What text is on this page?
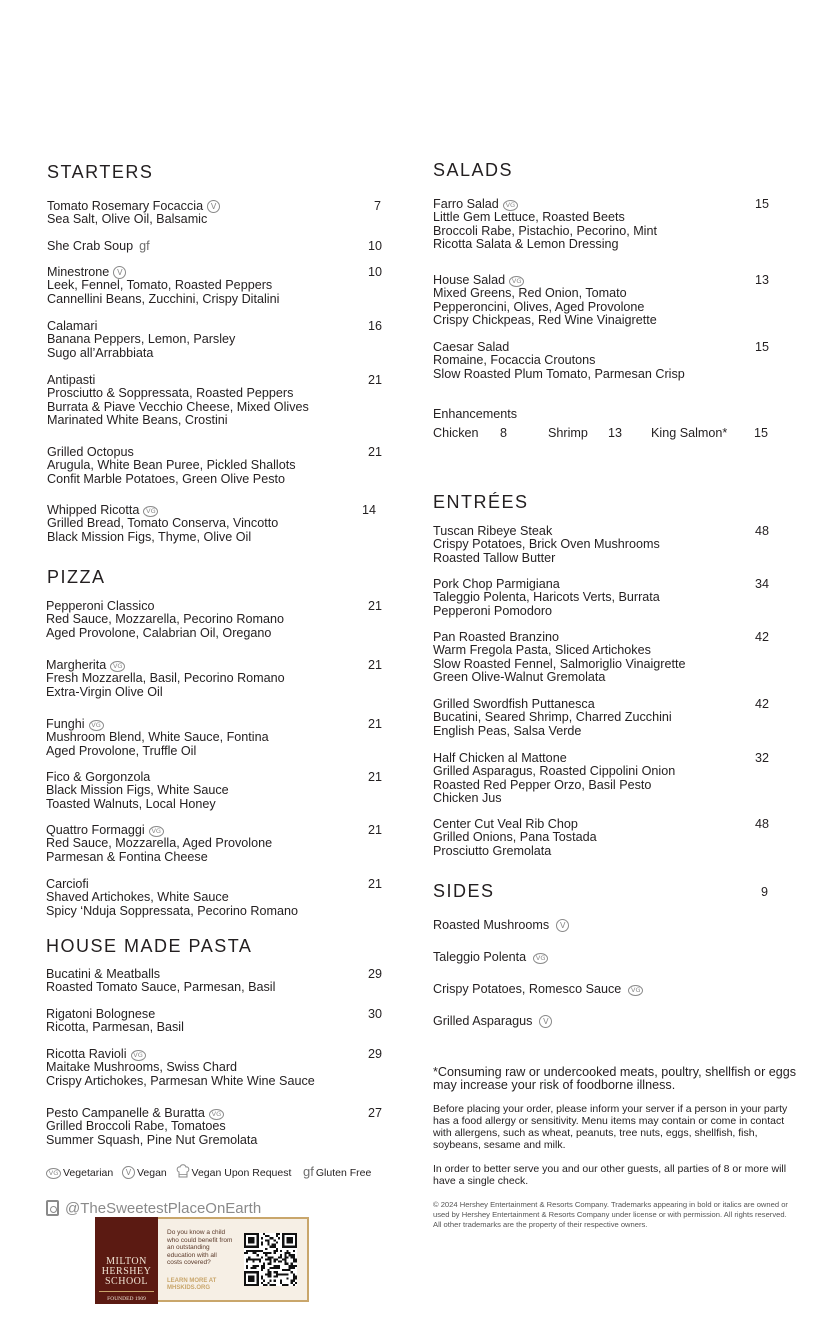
STARTERS
Tomato Rosemary Focaccia V
Sea Salt, Olive Oil, Balsamic
7
She Crab Soup gf	10
Minestrone V
Leek, Fennel, Tomato, Roasted Peppers
Cannellini Beans, Zucchini, Crispy Ditalini
10
Calamari
Banana Peppers, Lemon, Parsley
Sugo all’Arrabbiata
16
Antipasti
Prosciutto & Soppressata, Roasted Peppers
Burrata & Piave Vecchio Cheese, Mixed Olives
Marinated White Beans, Crostini
21
Grilled Octopus
Arugula, White Bean Puree, Pickled Shallots
Confit Marble Potatoes, Green Olive Pesto
21
Whipped Ricotta VG
Grilled Bread, Tomato Conserva, Vincotto
Black Mission Figs, Thyme, Olive Oil
14
PIZZA
Pepperoni Classico
Red Sauce, Mozzarella, Pecorino Romano
Aged Provolone, Calabrian Oil, Oregano
21
Margherita VG
Fresh Mozzarella, Basil, Pecorino Romano
Extra-Virgin Olive Oil
21
Funghi VG
Mushroom Blend, White Sauce, Fontina
Aged Provolone, Truffle Oil
21
Fico & Gorgonzola
Black Mission Figs, White Sauce
Toasted Walnuts, Local Honey
21
Quattro Formaggi VG
Red Sauce, Mozzarella, Aged Provolone
Parmesan & Fontina Cheese
21
Carciofi
Shaved Artichokes, White Sauce
Spicy ‘Nduja Soppressata, Pecorino Romano
21
HOUSE MADE PASTA
Bucatini & Meatballs
Roasted Tomato Sauce, Parmesan, Basil
29
Rigatoni Bolognese
Ricotta, Parmesan, Basil
30
Ricotta Ravioli VG
Maitake Mushrooms, Swiss Chard
Crispy Artichokes, Parmesan White Wine Sauce
29
Pesto Campanelle & Buratta VG
Grilled Broccoli Rabe, Tomatoes
Summer Squash, Pine Nut Gremolata
27
VG Vegetarian V Vegan Vegan Upon Request gf Gluten Free
@TheSweetestPlaceOnEarth
MILTON
HERSHEY
SCHOOL
FOUNDED 1909
Do you know a child who could benefit from an outstanding education with all costs covered?
LEARN MORE AT
MHSKIDS.ORG
SALADS
Farro Salad VG
Little Gem Lettuce, Roasted Beets
Broccoli Rabe, Pistachio, Pecorino, Mint
Ricotta Salata & Lemon Dressing
15
House Salad VG
Mixed Greens, Red Onion, Tomato
Pepperoncini, Olives, Aged Provolone
Crispy Chickpeas, Red Wine Vinaigrette
13
Caesar Salad
Romaine, Focaccia Croutons
Slow Roasted Plum Tomato, Parmesan Crisp
15
Enhancements
Chicken 8	Shrimp 13 King Salmon* 15
ENTRÉES
Tuscan Ribeye Steak
Crispy Potatoes, Brick Oven Mushrooms
Roasted Tallow Butter
48
Pork Chop Parmigiana
Taleggio Polenta, Haricots Verts, Burrata
Pepperoni Pomodoro
34
Pan Roasted Branzino
Warm Fregola Pasta, Sliced Artichokes
Slow Roasted Fennel, Salmoriglio Vinaigrette
Green Olive-Walnut Gremolata
42
Grilled Swordfish Puttanesca
Bucatini, Seared Shrimp, Charred Zucchini
English Peas, Salsa Verde
42
Half Chicken al Mattone
Grilled Asparagus, Roasted Cippolini Onion
Roasted Red Pepper Orzo, Basil Pesto
Chicken Jus
32
Center Cut Veal Rib Chop
Grilled Onions, Pana Tostada
Prosciutto Gremolata
48
SIDES	9
Roasted Mushrooms V
Taleggio Polenta VG
Crispy Potatoes, Romesco Sauce VG
Grilled Asparagus V
*Consuming raw or undercooked meats, poultry, shellfish or eggs may increase your risk of foodborne illness.
Before placing your order, please inform your server if a person in your party has a food allergy or sensitivity. Menu items may contain or come in contact with allergens, such as wheat, peanuts, tree nuts, eggs, shellfish, fish, soybeans, sesame and milk.
In order to better serve you and our other guests, all parties of 8 or more will have a single check.
© 2024 Hershey Entertainment & Resorts Company. Trademarks appearing in bold or italics are owned or used by Hershey Entertainment & Resorts Company under license or with permission. All rights reserved. All other trademarks are the property of their respective owners.
